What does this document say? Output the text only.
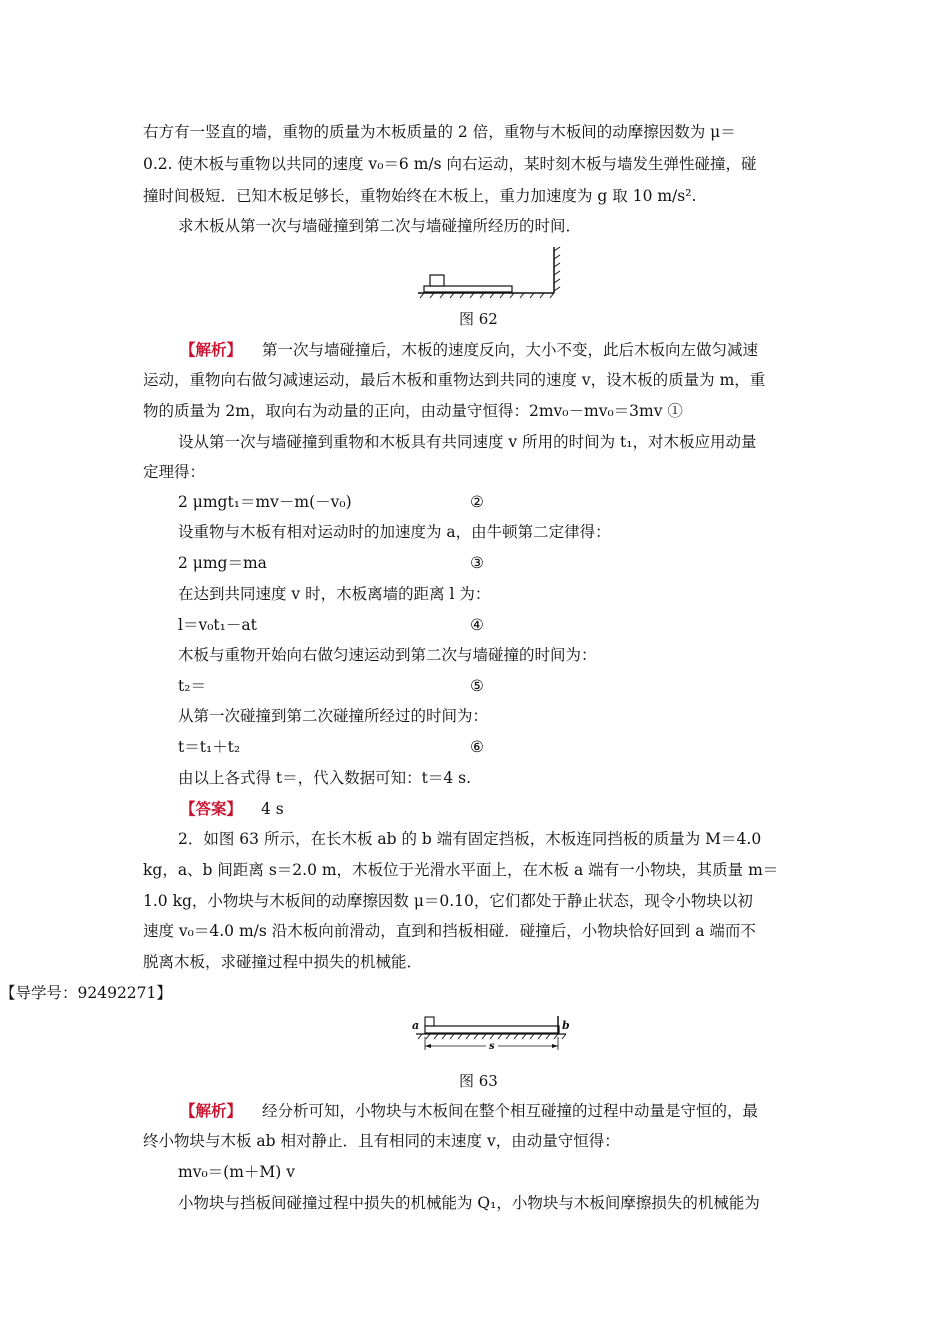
右方有一竖直的墙，重物的质量为木板质量的 2 倍，重物与木板间的动摩擦因数为 μ＝
0.2. 使木板与重物以共同的速度 v₀＝6 m/s 向右运动，某时刻木板与墙发生弹性碰撞，碰
撞时间极短．已知木板足够长，重物始终在木板上，重力加速度为 g 取 10 m/s².
求木板从第一次与墙碰撞到第二次与墙碰撞所经历的时间．
图 62
【解析】 第一次与墙碰撞后，木板的速度反向，大小不变，此后木板向左做匀减速
运动，重物向右做匀减速运动，最后木板和重物达到共同的速度 v，设木板的质量为 m，重
物的质量为 2m，取向右为动量的正向，由动量守恒得：2mv₀－mv₀＝3mv ①
设从第一次与墙碰撞到重物和木板具有共同速度 v 所用的时间为 t₁，对木板应用动量
定理得：
2 μmgt₁＝mv－m(－v₀)	②
设重物与木板有相对运动时的加速度为 a，由牛顿第二定律得：
2 μmg＝ma	③
在达到共同速度 v 时，木板离墙的距离 l 为：
l＝v₀t₁－at	④
木板与重物开始向右做匀速运动到第二次与墙碰撞的时间为：
t₂＝	⑤
从第一次碰撞到第二次碰撞所经过的时间为：
t＝t₁＋t₂	⑥
由以上各式得 t＝，代入数据可知：t＝4 s.
【答案】 4 s
2．如图 63 所示，在长木板 ab 的 b 端有固定挡板，木板连同挡板的质量为 M＝4.0
kg，a、b 间距离 s＝2.0 m，木板位于光滑水平面上，在木板 a 端有一小物块，其质量 m＝
1.0 kg，小物块与木板间的动摩擦因数 μ＝0.10，它们都处于静止状态，现令小物块以初
速度 v₀＝4.0 m/s 沿木板向前滑动，直到和挡板相碰．碰撞后，小物块恰好回到 a 端而不
脱离木板，求碰撞过程中损失的机械能．
【导学号：92492271】
a	b
s
图 63
【解析】 经分析可知，小物块与木板间在整个相互碰撞的过程中动量是守恒的，最
终小物块与木板 ab 相对静止．且有相同的末速度 v，由动量守恒得：
mv₀＝(m＋M) v
小物块与挡板间碰撞过程中损失的机械能为 Q₁，小物块与木板间摩擦损失的机械能为
